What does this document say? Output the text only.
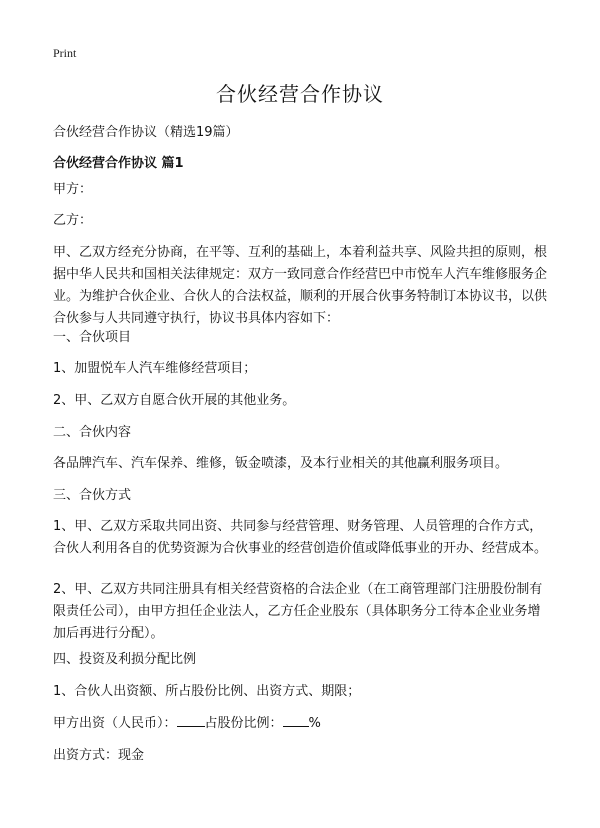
Print
合伙经营合作协议
合伙经营合作协议（精选19篇）
合伙经营合作协议 篇1
甲方：
乙方：
甲、乙双方经充分协商，在平等、互利的基础上，本着利益共享、风险共担的原则，根据中华人民共和国相关法律规定：双方一致同意合作经营巴中市悦车人汽车维修服务企业。为维护合伙企业、合伙人的合法权益，顺利的开展合伙事务特制订本协议书，以供合伙参与人共同遵守执行，协议书具体内容如下：
一、合伙项目
1、加盟悦车人汽车维修经营项目；
2、甲、乙双方自愿合伙开展的其他业务。
二、合伙内容
各品牌汽车、汽车保养、维修，钣金喷漆，及本行业相关的其他赢利服务项目。
三、合伙方式
1、甲、乙双方采取共同出资、共同参与经营管理、财务管理、人员管理的合作方式，合伙人利用各自的优势资源为合伙事业的经营创造价值或降低事业的开办、经营成本。
2、甲、乙双方共同注册具有相关经营资格的合法企业（在工商管理部门注册股份制有限责任公司），由甲方担任企业法人，乙方任企业股东（具体职务分工待本企业业务增加后再进行分配）。
四、投资及利损分配比例
1、合伙人出资额、所占股份比例、出资方式、期限；
甲方出资（人民币）： 占股份比例： %
出资方式：现金
